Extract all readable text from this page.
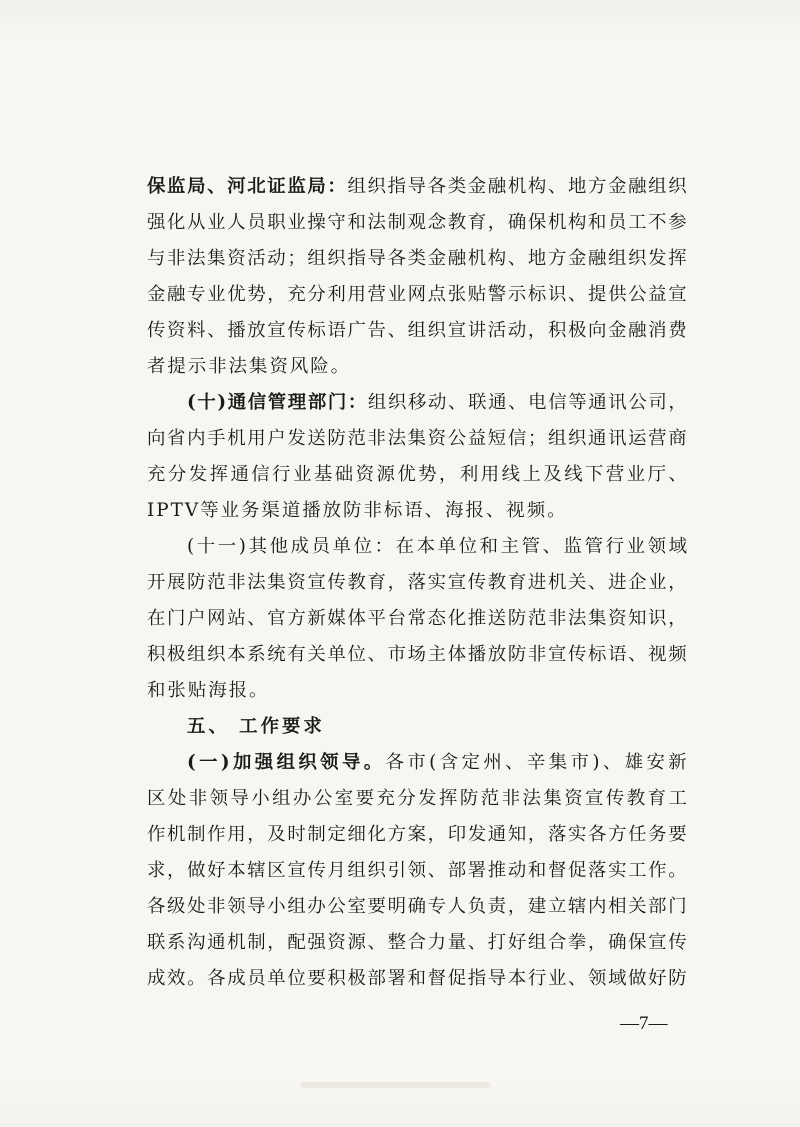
保 监 局 、 河 北 证 监 局 ： 组 织 指 导 各 类 金 融 机 构 、 地 方 金 融 组 织
强 化 从 业 人 员 职 业 操 守 和 法 制 观 念 教 育 ， 确 保 机 构 和 员 工 不 参
与 非 法 集 资 活 动 ； 组 织 指 导 各 类 金 融 机 构 、 地 方 金 融 组 织 发 挥
金 融 专 业 优 势 ， 充 分 利 用 营 业 网 点 张 贴 警 示 标 识 、 提 供 公 益 宣
传 资 料 、 播 放 宣 传 标 语 广 告 、 组 织 宣 讲 活 动 ， 积 极 向 金 融 消 费
者 提 示 非 法 集 资 风 险 。
( 十 ) 通 信 管 理 部 门 ： 组 织 移 动 、 联 通 、 电 信 等 通 讯 公 司 ，
向 省 内 手 机 用 户 发 送 防 范 非 法 集 资 公 益 短 信 ； 组 织 通 讯 运 营 商
充 分 发 挥 通 信 行 业 基 础 资 源 优 势 ， 利 用 线 上 及 线 下 营 业 厅 、
IPTV 等 业 务 渠 道 播 放 防 非 标 语 、 海 报 、 视 频 。
( 十 一 ) 其 他 成 员 单 位 ： 在 本 单 位 和 主 管 、 监 管 行 业 领 域
开 展 防 范 非 法 集 资 宣 传 教 育 ， 落 实 宣 传 教 育 进 机 关 、 进 企 业 ，
在 门 户 网 站 、 官 方 新 媒 体 平 台 常 态 化 推 送 防 范 非 法 集 资 知 识 ，
积 极 组 织 本 系 统 有 关 单 位 、 市 场 主 体 播 放 防 非 宣 传 标 语 、 视 频
和 张 贴 海 报 。
五、 工作要求
( 一 ) 加 强 组 织 领 导 。 各 市 ( 含 定 州 、 辛 集 市 ) 、 雄 安 新
区 处 非 领 导 小 组 办 公 室 要 充 分 发 挥 防 范 非 法 集 资 宣 传 教 育 工
作 机 制 作 用 ， 及 时 制 定 细 化 方 案 ， 印 发 通 知 ， 落 实 各 方 任 务 要
求 ， 做 好 本 辖 区 宣 传 月 组 织 引 领 、 部 署 推 动 和 督 促 落 实 工 作 。
各 级 处 非 领 导 小 组 办 公 室 要 明 确 专 人 负 责 ， 建 立 辖 内 相 关 部 门
联 系 沟 通 机 制 ， 配 强 资 源 、 整 合 力 量 、 打 好 组 合 拳 ， 确 保 宣 传
成 效 。 各 成 员 单 位 要 积 极 部 署 和 督 促 指 导 本 行 业 、 领 域 做 好 防
—7—
